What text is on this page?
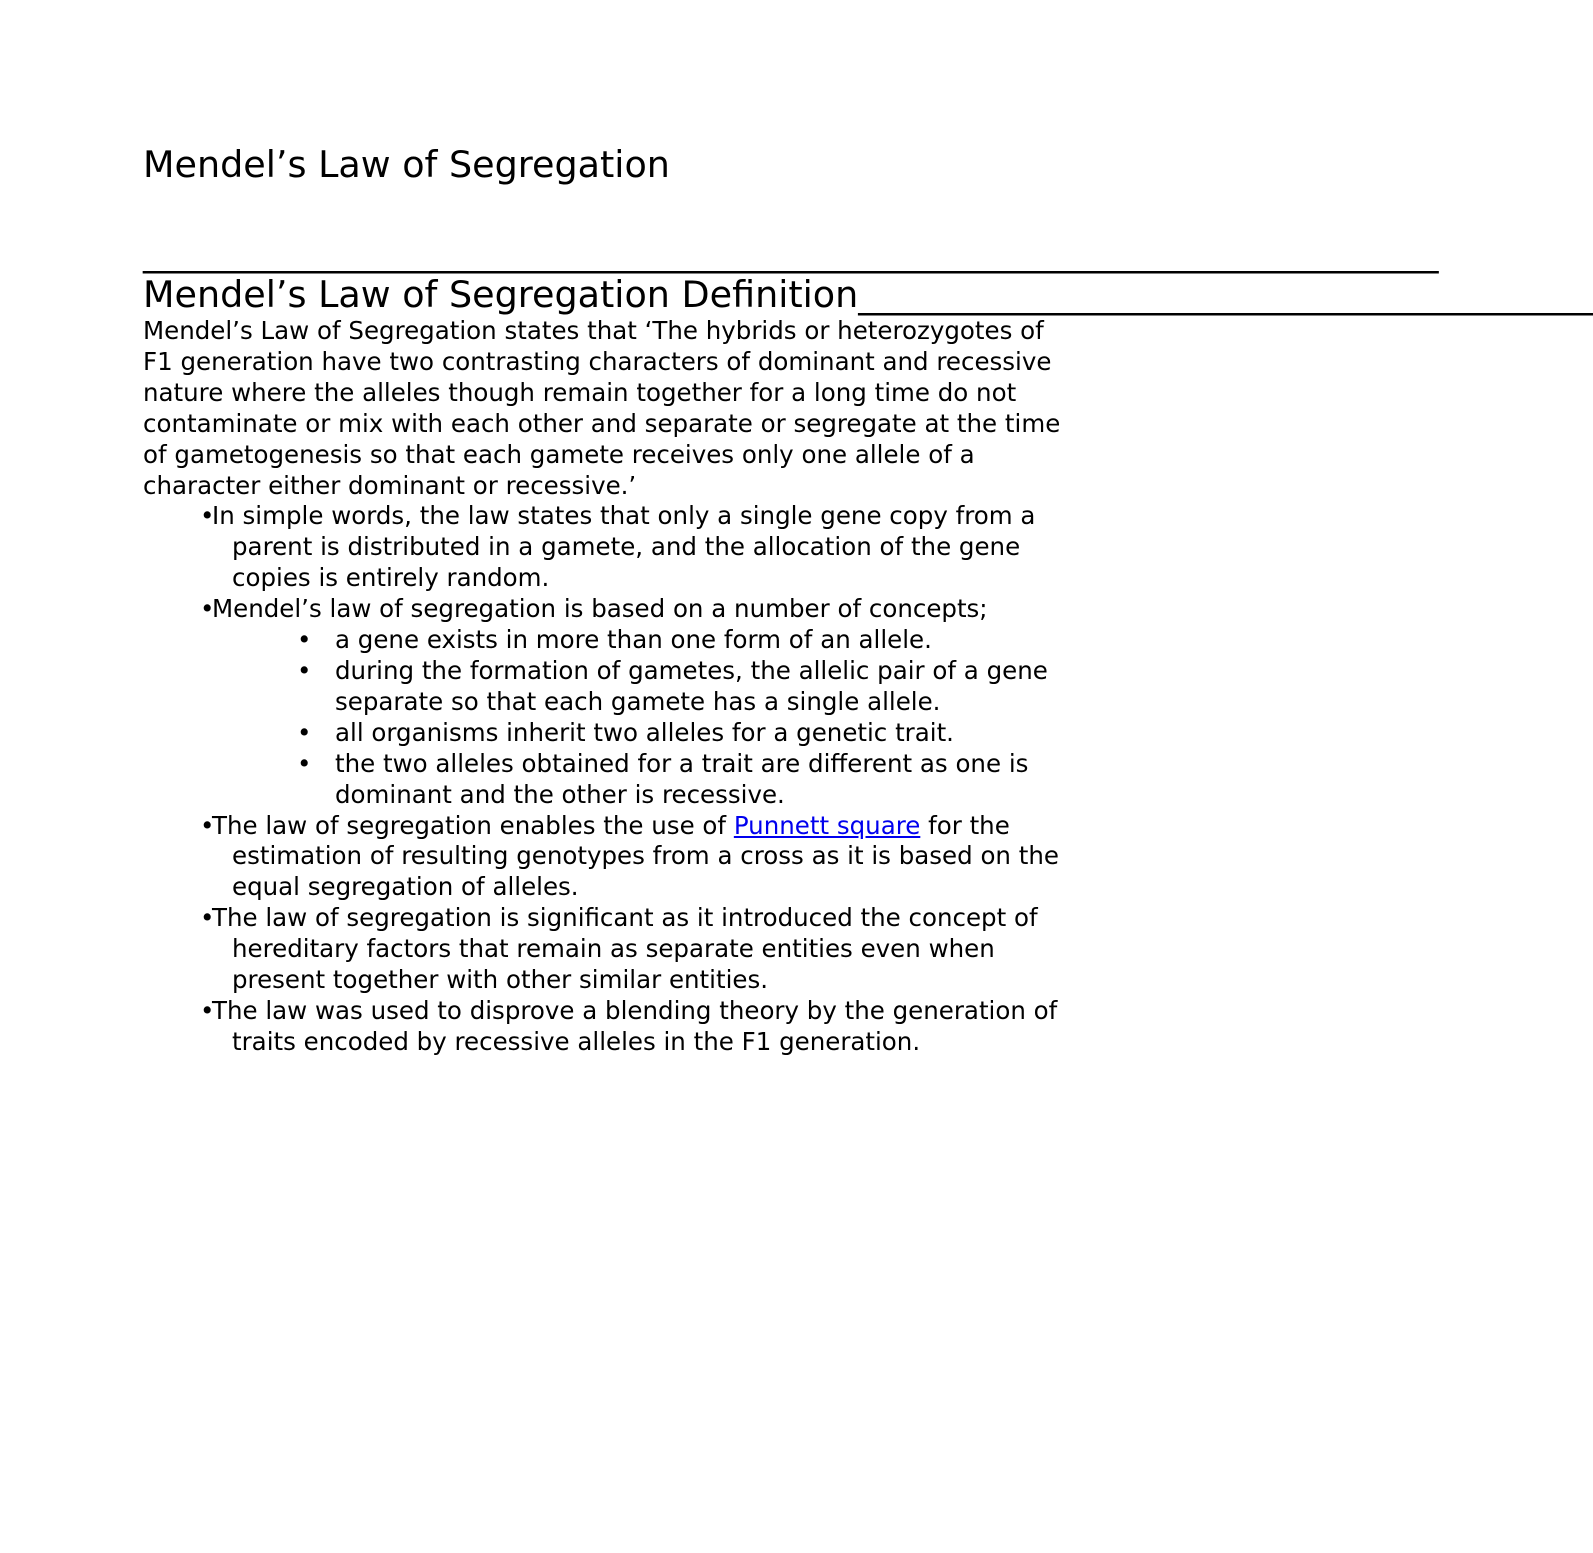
Mendel’s Law of Segregation
__________________________________________________________________________
Mendel’s Law of Segregation Definition__________________________________________

Mendel’s Law of Segregation states that ‘The hybrids or heterozygotes of F1 generation have two contrasting characters of dominant and recessive nature where the alleles though remain together for a long time do not contaminate or mix with each other and separate or segregate at the time of gametogenesis so that each gamete receives only one allele of a character either dominant or recessive.’

• In simple words, the law states that only a single gene copy from a parent is distributed in a gamete, and the allocation of the gene copies is entirely random.
• Mendel’s law of segregation is based on a number of concepts;
• a gene exists in more than one form of an allele.
• during the formation of gametes, the allelic pair of a gene separate so that each gamete has a single allele.
• all organisms inherit two alleles for a genetic trait.
• the two alleles obtained for a trait are different as one is dominant and the other is recessive.
• The law of segregation enables the use of Punnett square for the estimation of resulting genotypes from a cross as it is based on the equal segregation of alleles.
• The law of segregation is significant as it introduced the concept of hereditary factors that remain as separate entities even when present together with other similar entities.
• The law was used to disprove a blending theory by the generation of traits encoded by recessive alleles in the F1 generation.
